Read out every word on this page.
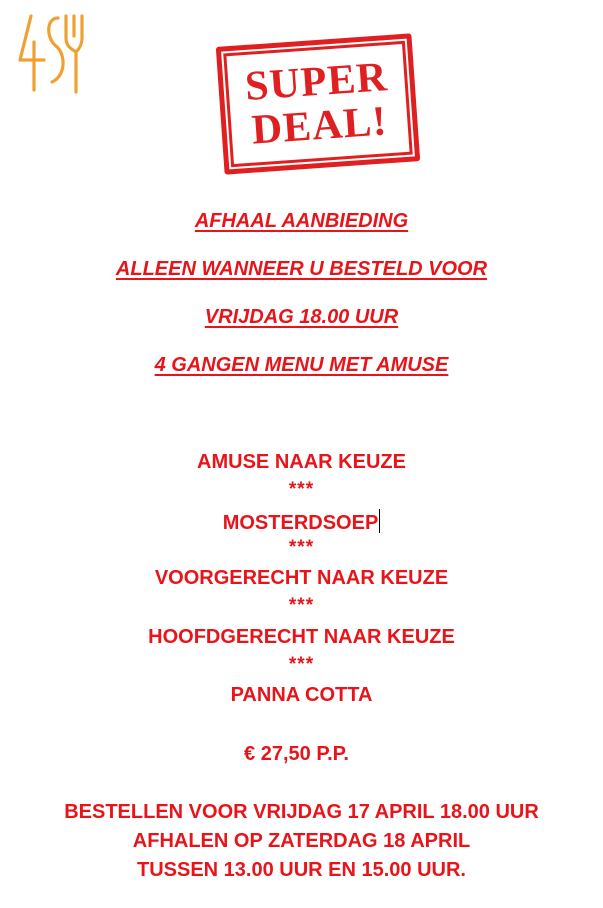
SUPER
DEAL!
AFHAAL AANBIEDING
ALLEEN WANNEER U BESTELD VOOR
VRIJDAG 18.00 UUR
4 GANGEN MENU MET AMUSE
AMUSE NAAR KEUZE
***
MOSTERDSOEP
***
VOORGERECHT NAAR KEUZE
***
HOOFDGERECHT NAAR KEUZE
***
PANNA COTTA
€ 27,50 P.P.
BESTELLEN VOOR VRIJDAG 17 APRIL 18.00 UUR
AFHALEN OP ZATERDAG 18 APRIL
TUSSEN 13.00 UUR EN 15.00 UUR.
